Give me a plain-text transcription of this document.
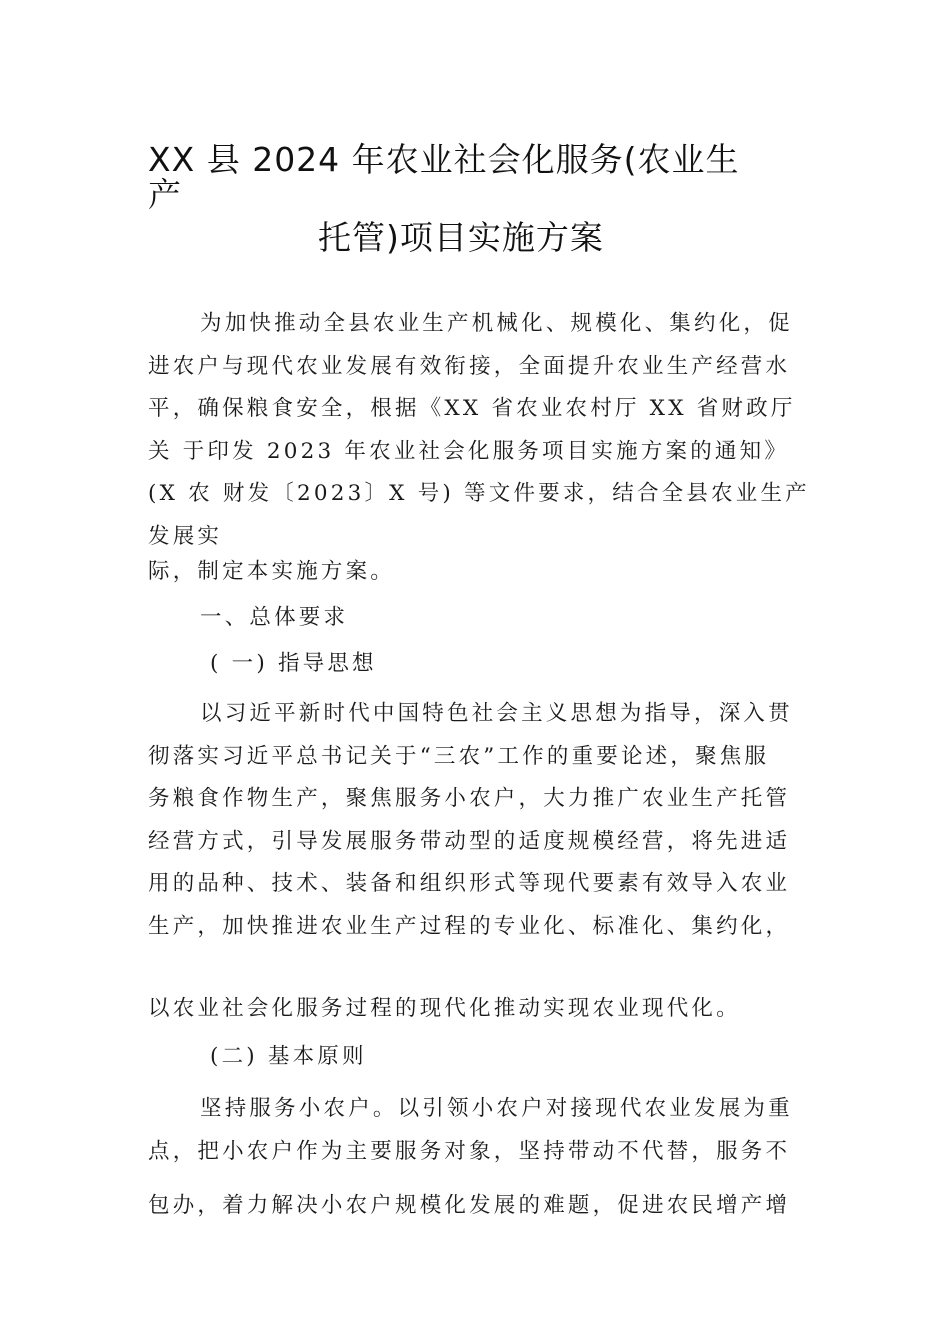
XX 县 2024 年农业社会化服务(农业生
产
托管)项目实施方案
为加快推动全县农业生产机械化、规模化、集约化，促
进农户与现代农业发展有效衔接，全面提升农业生产经营水
平，确保粮食安全，根据《XX 省农业农村厅 XX 省财政厅
关 于印发 2023 年农业社会化服务项目实施方案的通知》
(X 农 财发〔2023〕X 号) 等文件要求，结合全县农业生产
发展实
际，制定本实施方案。
一、总体要求
( 一) 指导思想
以习近平新时代中国特色社会主义思想为指导，深入贯
彻落实习近平总书记关于“三农”工作的重要论述，聚焦服
务粮食作物生产，聚焦服务小农户，大力推广农业生产托管
经营方式，引导发展服务带动型的适度规模经营，将先进适
用的品种、技术、装备和组织形式等现代要素有效导入农业
生产，加快推进农业生产过程的专业化、标准化、集约化，
以农业社会化服务过程的现代化推动实现农业现代化。
(二) 基本原则
坚持服务小农户。以引领小农户对接现代农业发展为重
点，把小农户作为主要服务对象，坚持带动不代替，服务不
包办，着力解决小农户规模化发展的难题，促进农民增产增
